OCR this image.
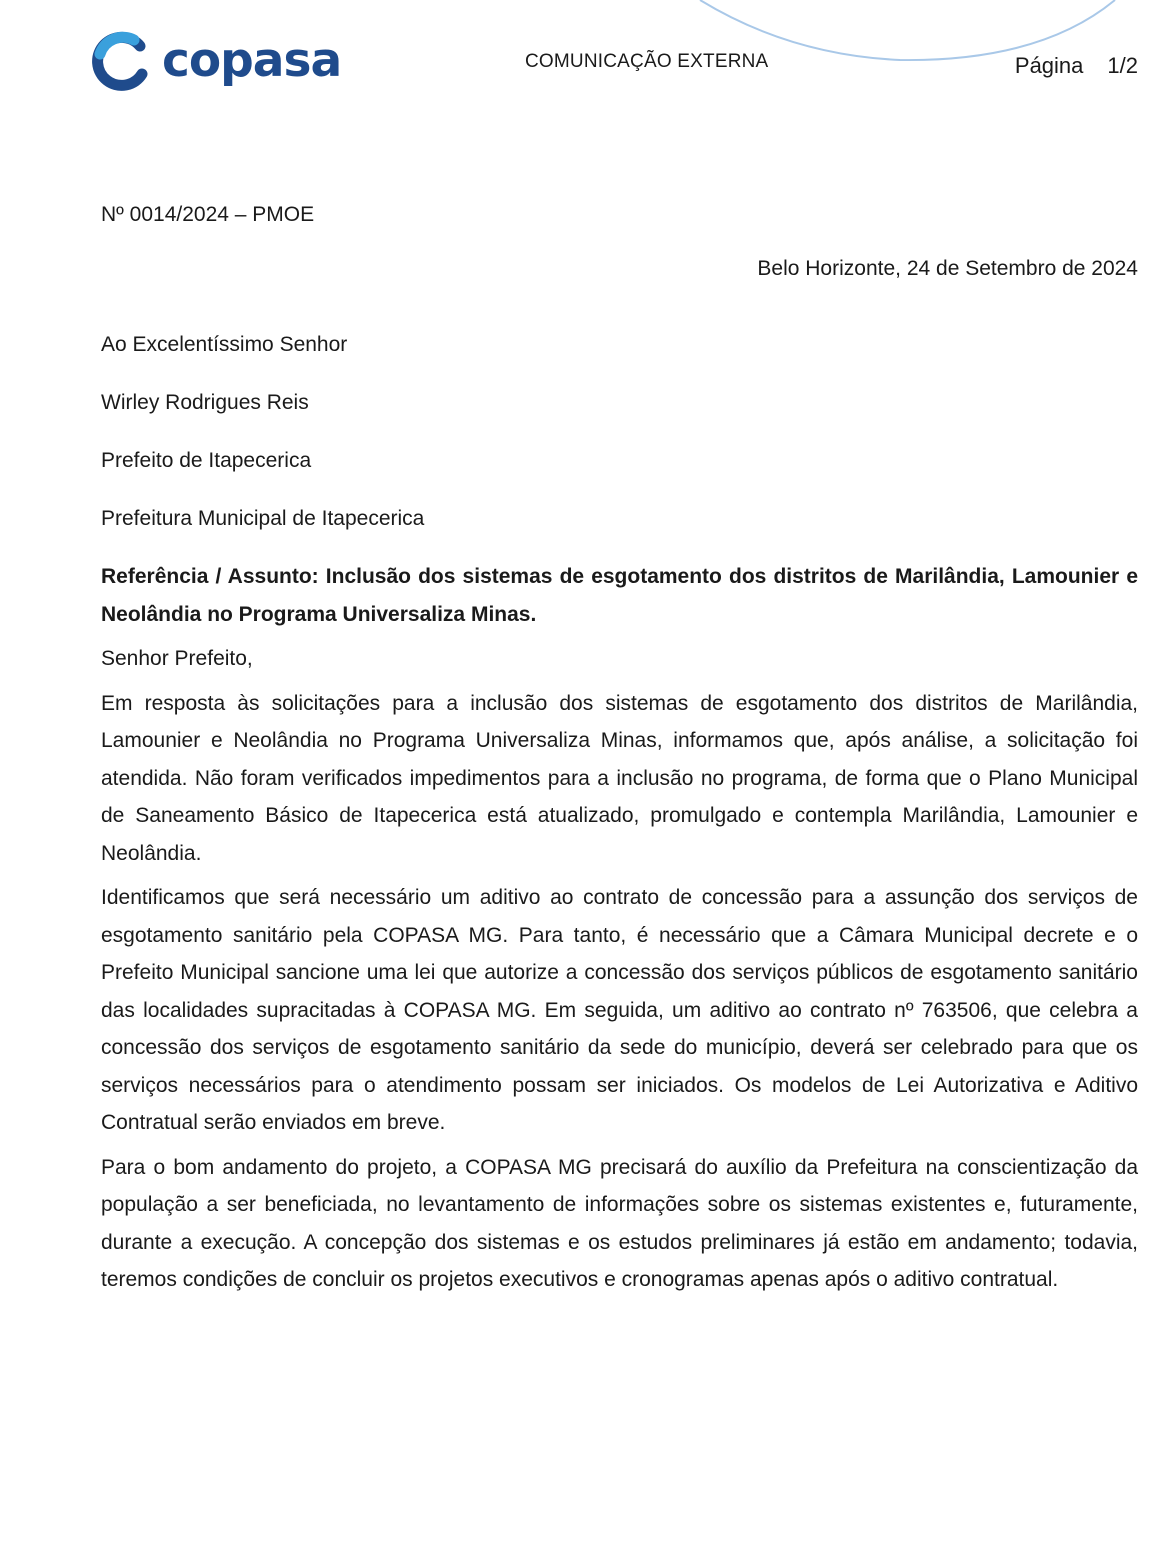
copasa	COMUNICAÇÃO EXTERNA	Página 1/2
Nº 0014/2024 – PMOE
Belo Horizonte, 24 de Setembro de 2024
Ao Excelentíssimo Senhor
Wirley Rodrigues Reis
Prefeito de Itapecerica
Prefeitura Municipal de Itapecerica
Referência / Assunto: Inclusão dos sistemas de esgotamento dos distritos de Marilândia, Lamounier e Neolândia no Programa Universaliza Minas.
Senhor Prefeito,
Em resposta às solicitações para a inclusão dos sistemas de esgotamento dos distritos de Marilândia, Lamounier e Neolândia no Programa Universaliza Minas, informamos que, após análise, a solicitação foi atendida. Não foram verificados impedimentos para a inclusão no programa, de forma que o Plano Municipal de Saneamento Básico de Itapecerica está atualizado, promulgado e contempla Marilândia, Lamounier e Neolândia.
Identificamos que será necessário um aditivo ao contrato de concessão para a assunção dos serviços de esgotamento sanitário pela COPASA MG. Para tanto, é necessário que a Câmara Municipal decrete e o Prefeito Municipal sancione uma lei que autorize a concessão dos serviços públicos de esgotamento sanitário das localidades supracitadas à COPASA MG. Em seguida, um aditivo ao contrato nº 763506, que celebra a concessão dos serviços de esgotamento sanitário da sede do município, deverá ser celebrado para que os serviços necessários para o atendimento possam ser iniciados. Os modelos de Lei Autorizativa e Aditivo Contratual serão enviados em breve.
Para o bom andamento do projeto, a COPASA MG precisará do auxílio da Prefeitura na conscientização da população a ser beneficiada, no levantamento de informações sobre os sistemas existentes e, futuramente, durante a execução. A concepção dos sistemas e os estudos preliminares já estão em andamento; todavia, teremos condições de concluir os projetos executivos e cronogramas apenas após o aditivo contratual.
